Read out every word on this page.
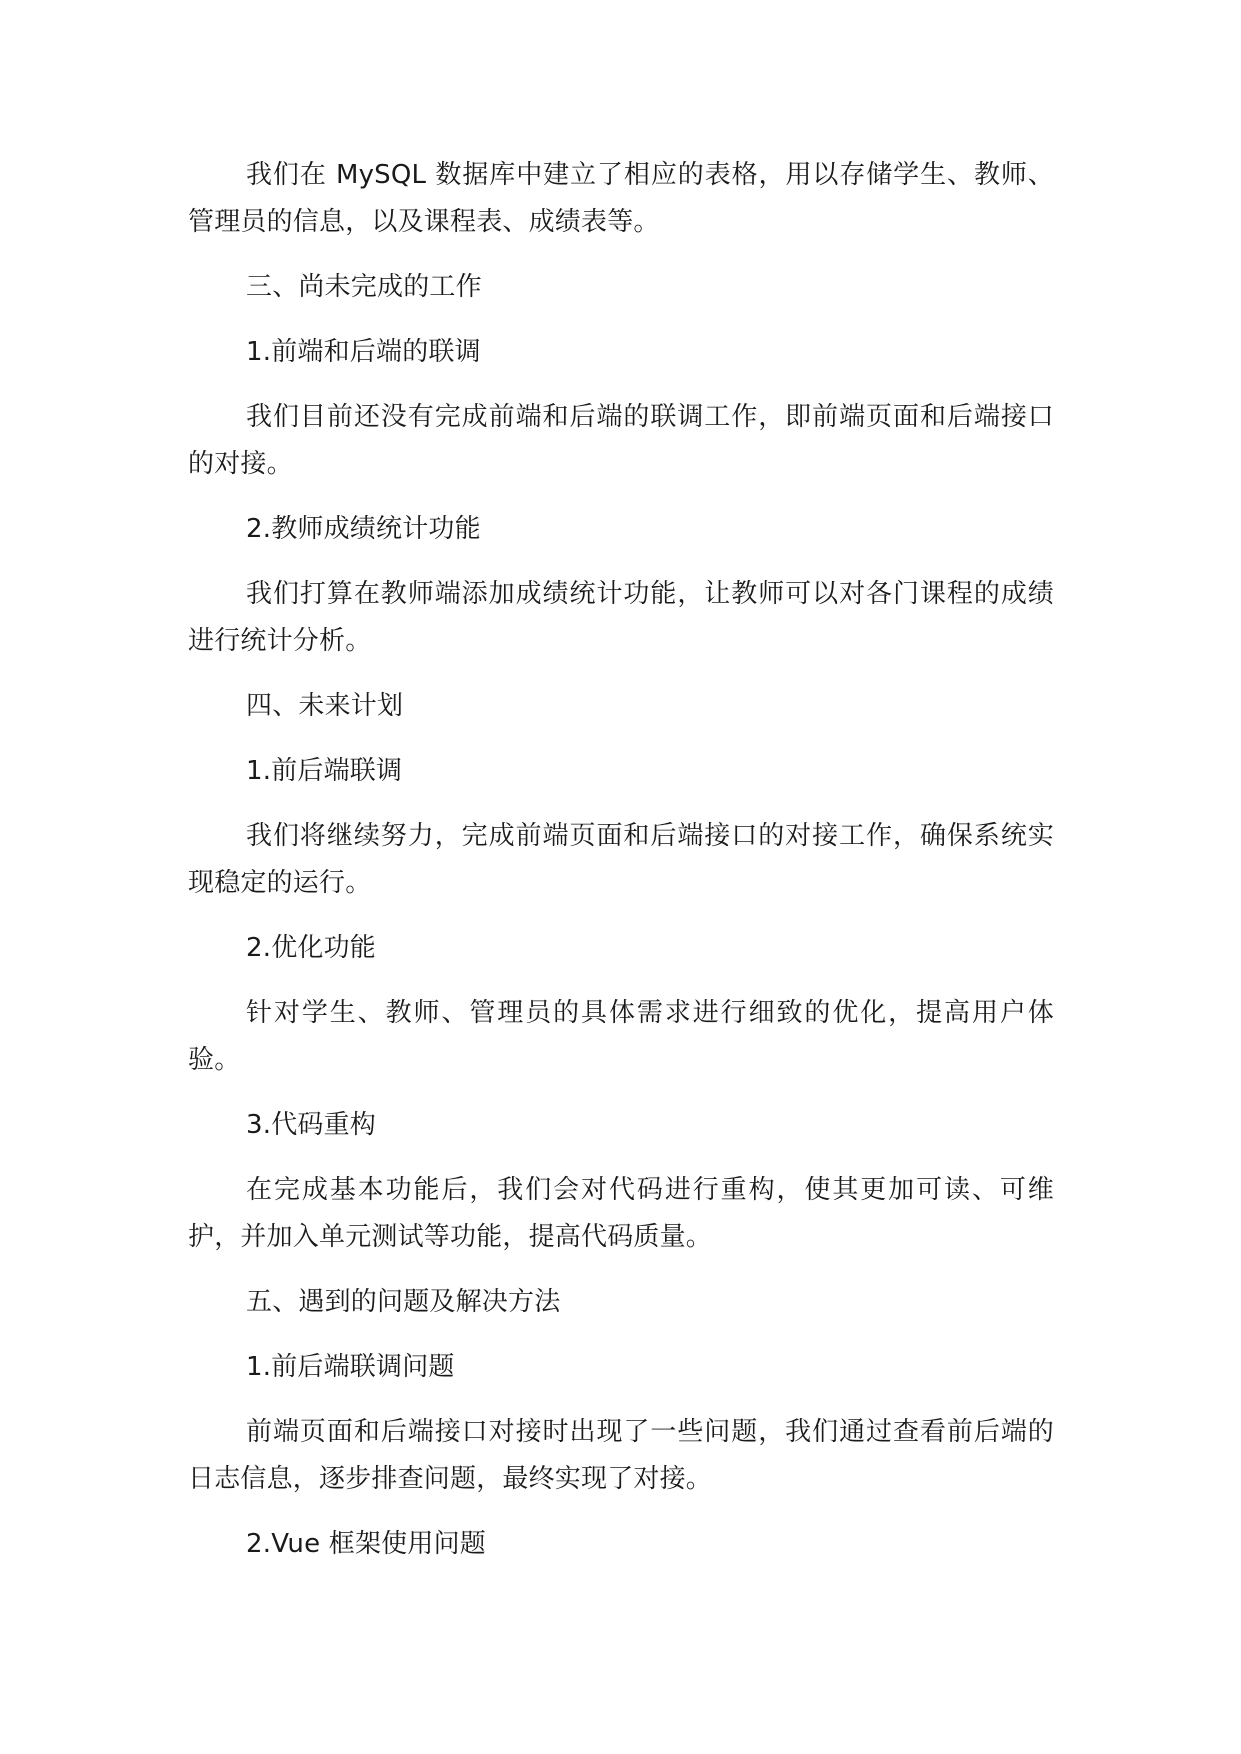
我们在 MySQL 数据库中建立了相应的表格，用以存储学生、教师、管理员的信息，以及课程表、成绩表等。

三、尚未完成的工作

1.前端和后端的联调

我们目前还没有完成前端和后端的联调工作，即前端页面和后端接口的对接。

2.教师成绩统计功能

我们打算在教师端添加成绩统计功能，让教师可以对各门课程的成绩进行统计分析。

四、未来计划

1.前后端联调

我们将继续努力，完成前端页面和后端接口的对接工作，确保系统实现稳定的运行。

2.优化功能

针对学生、教师、管理员的具体需求进行细致的优化，提高用户体验。

3.代码重构

在完成基本功能后，我们会对代码进行重构，使其更加可读、可维护，并加入单元测试等功能，提高代码质量。

五、遇到的问题及解决方法

1.前后端联调问题

前端页面和后端接口对接时出现了一些问题，我们通过查看前后端的日志信息，逐步排查问题，最终实现了对接。

2.Vue 框架使用问题
